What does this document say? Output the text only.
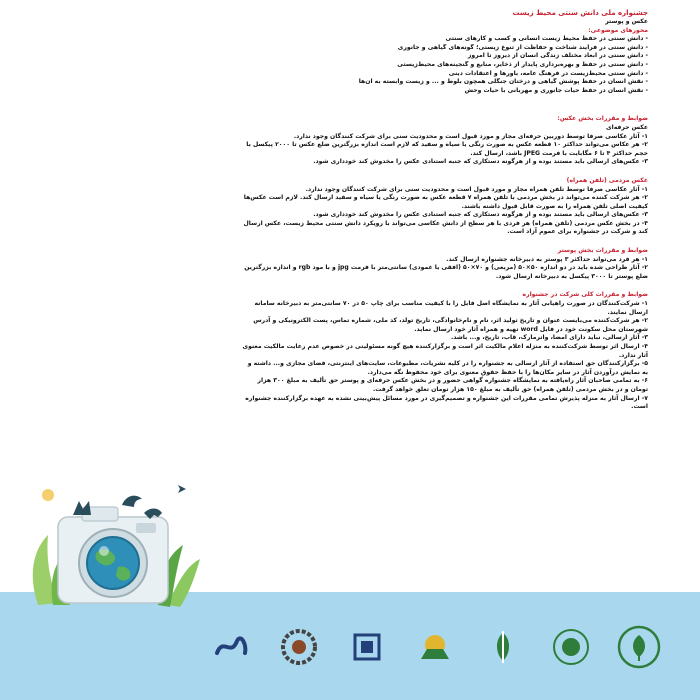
جشنواره ملی دانش سنتی محیط زیست
عکس و پوستر
محورهای موضوعی:
- دانش سنتی در حفظ محیط زیست انسانی و کسب و کارهای سنتی
- دانش سنتی در فرآیند شناخت و حفاظت از تنوع زیستی؛ گونه‌های گیاهی و جانوری
- دانش سنتی در ابعاد مختلف زندگی انسان از دیروز تا امروز
- دانش سنتی در حفظ و بهره‌برداری پایدار از ذخایر، منابع و گنجینه‌های محیط‌زیستی
- دانش سنتی محیط‌زیست در فرهنگ عامه، باورها و اعتقادات دینی
- نقش انسان در حفظ پوشش گیاهی و درختان جنگلی همچون بلوط و ... و زیست وابسته به آن‌ها
- نقش انسان در حفظ حیات جانوری و مهربانی با حیات وحش
ضوابط و مقررات بخش عکس:
عکس حرفه‌ای
۱- آثار عکاسی صرفا توسط دوربین حرفه‌ای مجاز و مورد قبول است و محدودیت سنی برای شرکت کنندگان وجود ندارد.
۲- هر عکاس می‌تواند حداکثر ۱۰ قطعه عکس به صورت رنگی یا سیاه و سفید که لازم است اندازه بزرگترین ضلع عکس تا ۲۰۰۰ پیکسل با حجم حداکثر ۴ تا ۶ مگابایت با فرمت JPEG باشد، ارسال کند.
۳- عکس‌های ارسالی باید مستند بوده و از هرگونه دستکاری که جنبه استنادی عکس را مخدوش کند خودداری شود.
عکس مردمی (تلفن همراه)
۱- آثار عکاسی صرفا توسط تلفن همراه مجاز و مورد قبول است و محدودیت سنی برای شرکت کنندگان وجود ندارد.
۲- هر شرکت کننده می‌تواند در بخش مردمی با تلفن همراه ۷ قطعه عکس به صورت رنگی یا سیاه و سفید ارسال کند. لازم است عکس‌ها کیفیت اصلی تلفن همراه را به صورت قابل قبول داشته باشند.
۳- عکس‌های ارسالی باید مستند بوده و از هرگونه دستکاری که جنبه استنادی عکس را مخدوش کند خودداری شود.
۴- در بخش عکس مردمی (تلفن همراه) هر فردی با هر سطح از دانش عکاسی می‌تواند با رویکرد دانش سنتی محیط زیست، عکس ارسال کند و شرکت در جشنواره برای عموم آزاد است.
ضوابط و مقررات بخش پوستر
۱- هر فرد می‌تواند حداکثر ۳ پوستر به دبیرخانه جشنواره ارسال کند.
۲- آثار طراحی شده باید در دو اندازه ۵۰×۵۰ (مربعی) و ۷۰×۵۰ (افقی یا عمودی) سانتی‌متر با فرمت jpg و با مود rgb و اندازه بزرگترین ضلع پوستر تا ۳۰۰۰ پیکسل به دبیرخانه ارسال شود.
ضوابط و مقررات کلی شرکت در جشنواره
۱- شرکت‌کنندگان در صورت راهیابی آثار به نمایشگاه اصل فایل را با کیفیت مناسب برای چاپ ۵۰ در ۷۰ سانتی‌متر به دبیرخانه سامانه ارسال نمایند.
۲- هر شرکت‌کننده می‌بایست عنوان و تاریخ تولید اثر، نام و نام‌خانوادگی، تاریخ تولد، کد ملی، شماره تماس، پست الکترونیکی و آدرس شهرستان محل سکونت خود در فایل word تهیه و همراه آثار خود ارسال نماید.
۳- آثار ارسالی، نباید دارای امضا، واترمارک، قاب، تاریخ، و... باشد.
۴- ارسال اثر توسط شرکت‌کننده به منزله اعلام مالکیت اثر است و برگزارکننده هیچ گونه مسئولیتی در خصوص عدم رعایت مالکیت معنوی آثار ندارد.
۵- برگزارکنندگان حق استفاده از آثار ارسالی به جشنواره را در کلیه نشریات، مطبوعات، سایت‌های اینترنتی، فضای مجازی و... داشته و به نمایش درآوردن آثار در سایر مکان‌ها را با حفظ حقوق معنوی برای خود محفوظ نگه می‌دارد.
۶- به تمامی صاحبان آثار راه‌یافته به نمایشگاه جشنواره گواهی حضور و در بخش عکس حرفه‌ای و پوستر حق تألیف به مبلغ ۳۰۰ هزار تومان و در بخش مردمی (تلفن همراه) حق تألیف به مبلغ ۱۵۰ هزار تومان تعلق خواهد گرفت.
۷- ارسال آثار به منزله پذیرش تمامی مقررات این جشنواره و تصمیم‌گیری در مورد مسائل پیش‌بینی نشده به عهده برگزارکننده جشنواره است.
